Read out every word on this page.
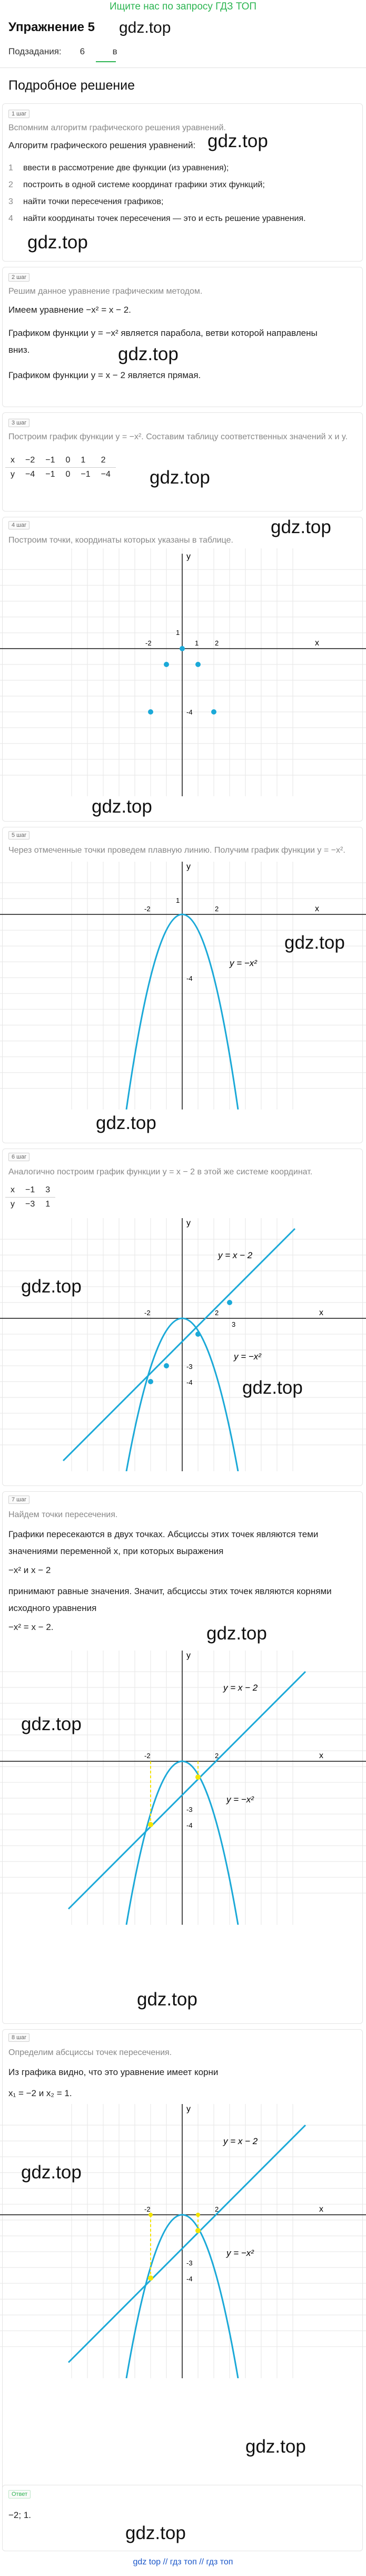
Ищите нас по запросу ГДЗ ТОП
Упражнение 5 gdz.top
Подзадания: 6	в
Подробное решение
1 шаг
Вспомним алгоритм графического решения уравнений.
Алгоритм графического решения уравнений: gdz.top
1 ввести в рассмотрение две функции (из уравнения);
2 построить в одной системе координат графики этих функций;
3 найти точки пересечения графиков;
4 найти координаты точек пересечения — это и есть решение уравнения.
gdz.top
2 шаг
Решим данное уравнение графическим методом.
Имеем уравнение −x² = x − 2.
Графиком функции y = −x² является парабола, ветви которой направлены
вниз.	gdz.top
Графиком функции y = x − 2 является прямая.
3 шаг
Построим график функции y = −x². Составим таблицу соответственных значений x и y.
x	−2	−1	0	1	2
y	−4	−1	0	−1	−4 gdz.top
4 шаг	gdz.top
Построим точки, координаты которых указаны в таблице.
x
y
-2	1 2
1
-4
gdz.top
5 шаг
Через отмеченные точки проведем плавную линию. Получим график функции y = −x².
x
y
-2	2
1
-4
y = −x²
gdz.top
gdz.top
6 шаг
Аналогично построим график функции y = x − 2 в этой же системе координат.
x	−1	3
y	−3	1
x
y
-2	2
3
-3
-4
y = x − 2
y = −x²
gdz.top
gdz.top
7 шаг
Найдем точки пересечения.
Графики пересекаются в двух точках. Абсциссы этих точек являются теми
значениями переменной x, при которых выражения
−x² и x − 2
принимают равные значения. Значит, абсциссы этих точек являются корнями
исходного уравнения
−x² = x − 2.	gdz.top
x
y
-2	2
-3
-4
y = x − 2
y = −x²
gdz.top
gdz.top
8 шаг
Определим абсциссы точек пересечения.
Из графика видно, что это уравнение имеет корни
x₁ = −2 и x₂ = 1.
x
y
-2	2
-3
-4
y = x − 2
y = −x²
gdz.top
gdz.top
Ответ
−2; 1.
gdz.top
gdz top // гдз топ // гдз топ
